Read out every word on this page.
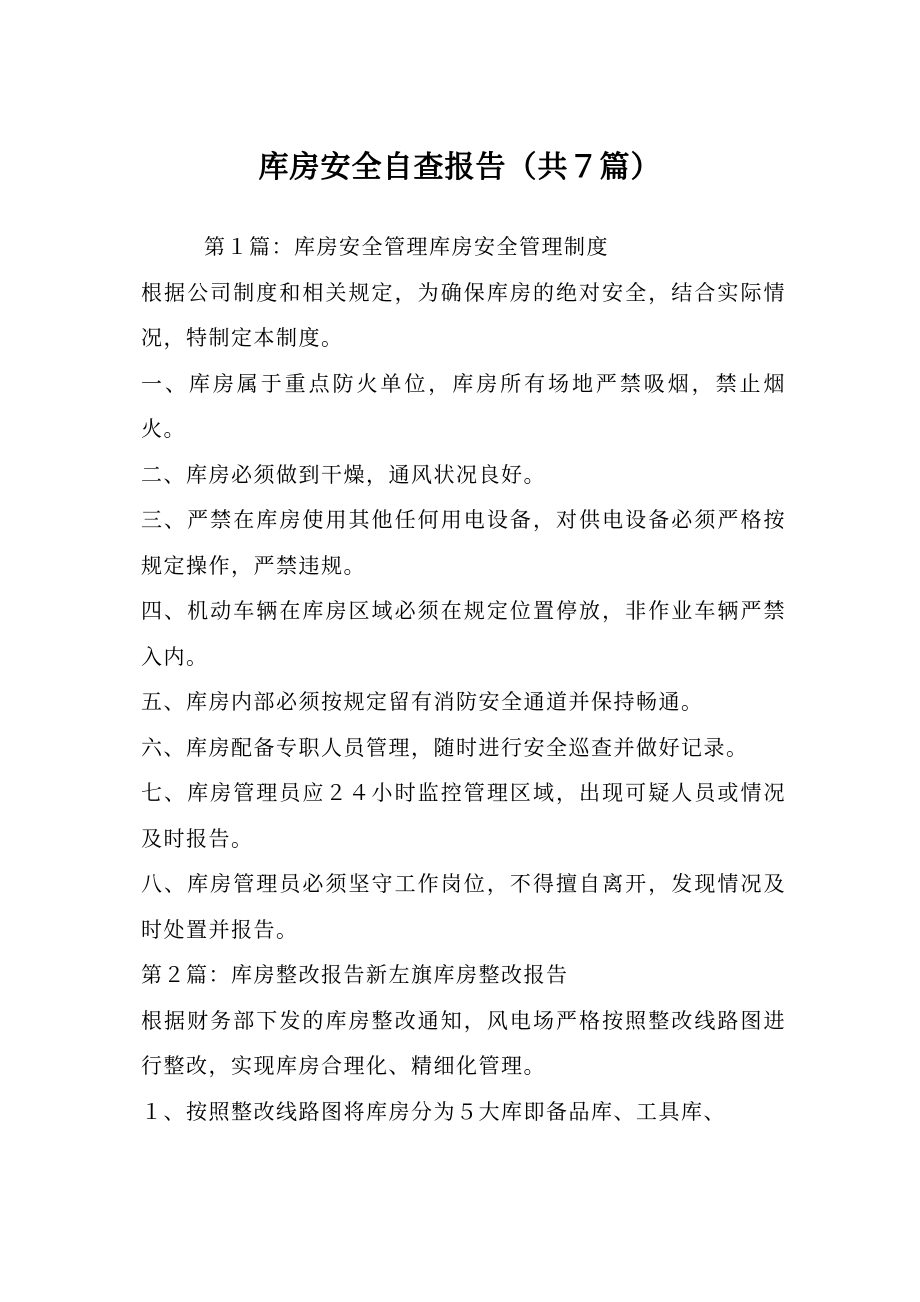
库房安全自查报告（共７篇）

第１篇：库房安全管理库房安全管理制度

根据公司制度和相关规定，为确保库房的绝对安全，结合实际情况，特制定本制度。

一、库房属于重点防火单位，库房所有场地严禁吸烟，禁止烟火。

二、库房必须做到干燥，通风状况良好。

三、严禁在库房使用其他任何用电设备，对供电设备必须严格按规定操作，严禁违规。

四、机动车辆在库房区域必须在规定位置停放，非作业车辆严禁入内。

五、库房内部必须按规定留有消防安全通道并保持畅通。

六、库房配备专职人员管理，随时进行安全巡查并做好记录。

七、库房管理员应２４小时监控管理区域，出现可疑人员或情况及时报告。

八、库房管理员必须坚守工作岗位，不得擅自离开，发现情况及时处置并报告。

第２篇：库房整改报告新左旗库房整改报告

根据财务部下发的库房整改通知，风电场严格按照整改线路图进行整改，实现库房合理化、精细化管理。

１、按照整改线路图将库房分为５大库即备品库、工具库、
